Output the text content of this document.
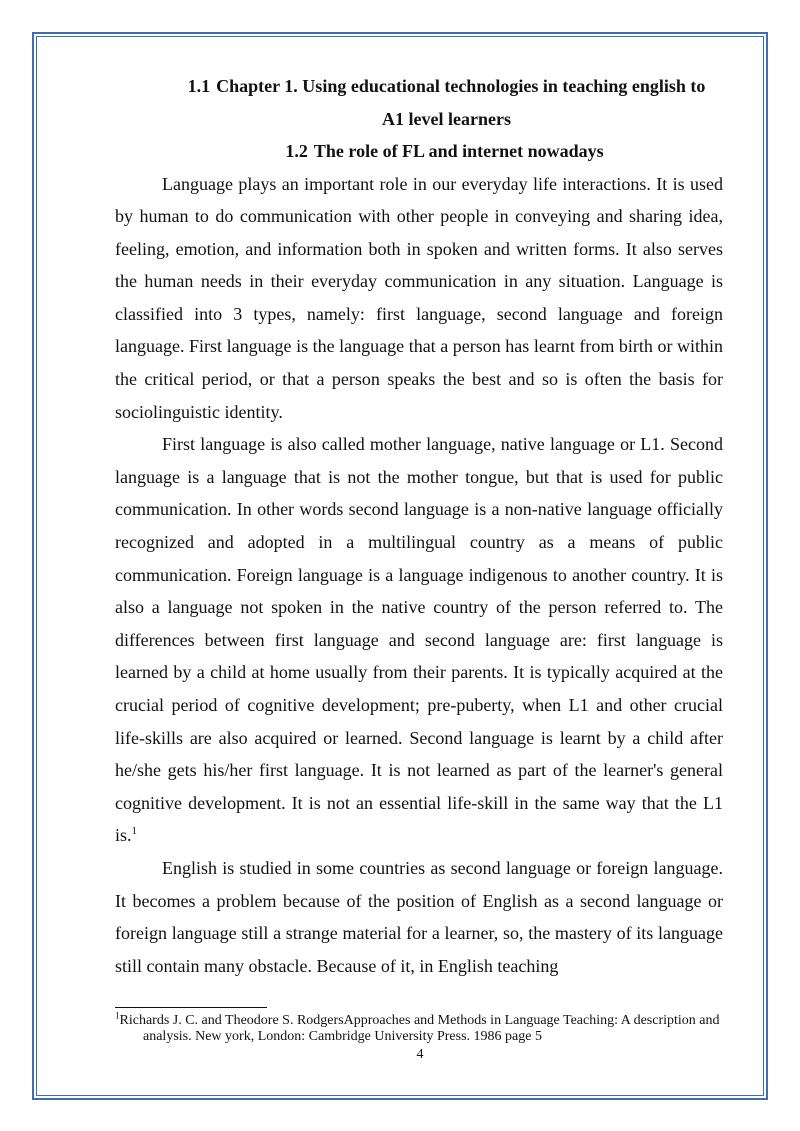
1.1 Chapter 1. Using educational technologies in teaching english to
A1 level learners
1.2 The role of FL and internet nowadays

Language plays an important role in our everyday life interactions. It is used by human to do communication with other people in conveying and sharing idea, feeling, emotion, and information both in spoken and written forms. It also serves the human needs in their everyday communication in any situation. Language is classified into 3 types, namely: first language, second language and foreign language. First language is the language that a person has learnt from birth or within the critical period, or that a person speaks the best and so is often the basis for sociolinguistic identity.

First language is also called mother language, native language or L1. Second language is a language that is not the mother tongue, but that is used for public communication. In other words second language is a non-native language officially recognized and adopted in a multilingual country as a means of public communication. Foreign language is a language indigenous to another country. It is also a language not spoken in the native country of the person referred to. The differences between first language and second language are: first language is learned by a child at home usually from their parents. It is typically acquired at the crucial period of cognitive development; pre-puberty, when L1 and other crucial life-skills are also acquired or learned. Second language is learnt by a child after he/she gets his/her first language. It is not learned as part of the learner's general cognitive development. It is not an essential life-skill in the same way that the L1 is.$^1$

English is studied in some countries as second language or foreign language. It becomes a problem because of the position of English as a second language or foreign language still a strange material for a learner, so, the mastery of its language still contain many obstacle. Because of it, in English teaching

$^1$Richards J. C. and Theodore S. RodgersApproaches and Methods in Language Teaching: A description and analysis. New york, London: Cambridge University Press. 1986 page 5
4
